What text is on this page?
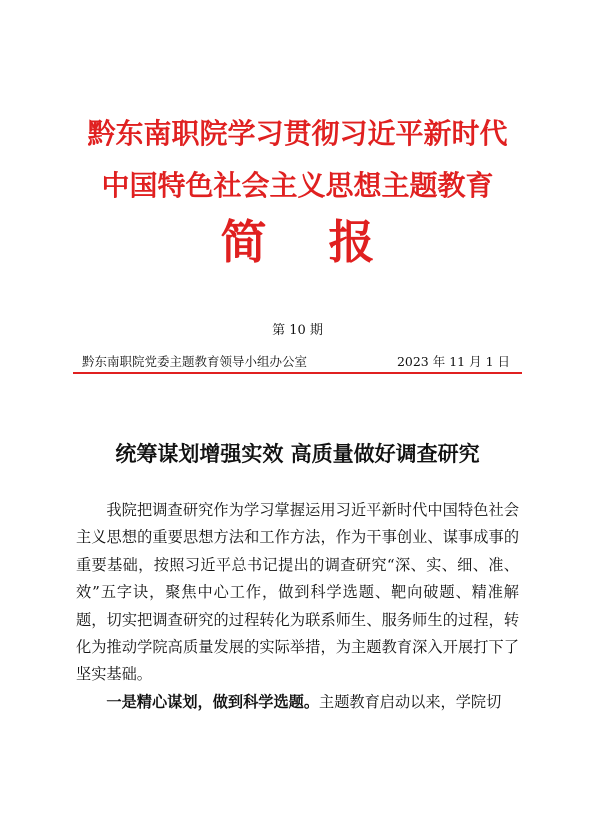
黔东南职院学习贯彻习近平新时代
中国特色社会主义思想主题教育
简 报
第 10 期
黔东南职院党委主题教育领导小组办公室	2023 年 11 月 1 日
统筹谋划增强实效 高质量做好调查研究

我院把调查研究作为学习掌握运用习近平新时代中国特色社会主义思想的重要思想方法和工作方法，作为干事创业、谋事成事的重要基础，按照习近平总书记提出的调查研究“深、实、细、准、效”五字诀，聚焦中心工作，做到科学选题、靶向破题、精准解题，切实把调查研究的过程转化为联系师生、服务师生的过程，转化为推动学院高质量发展的实际举措，为主题教育深入开展打下了坚实基础。

一是精心谋划，做到科学选题。主题教育启动以来，学院切
